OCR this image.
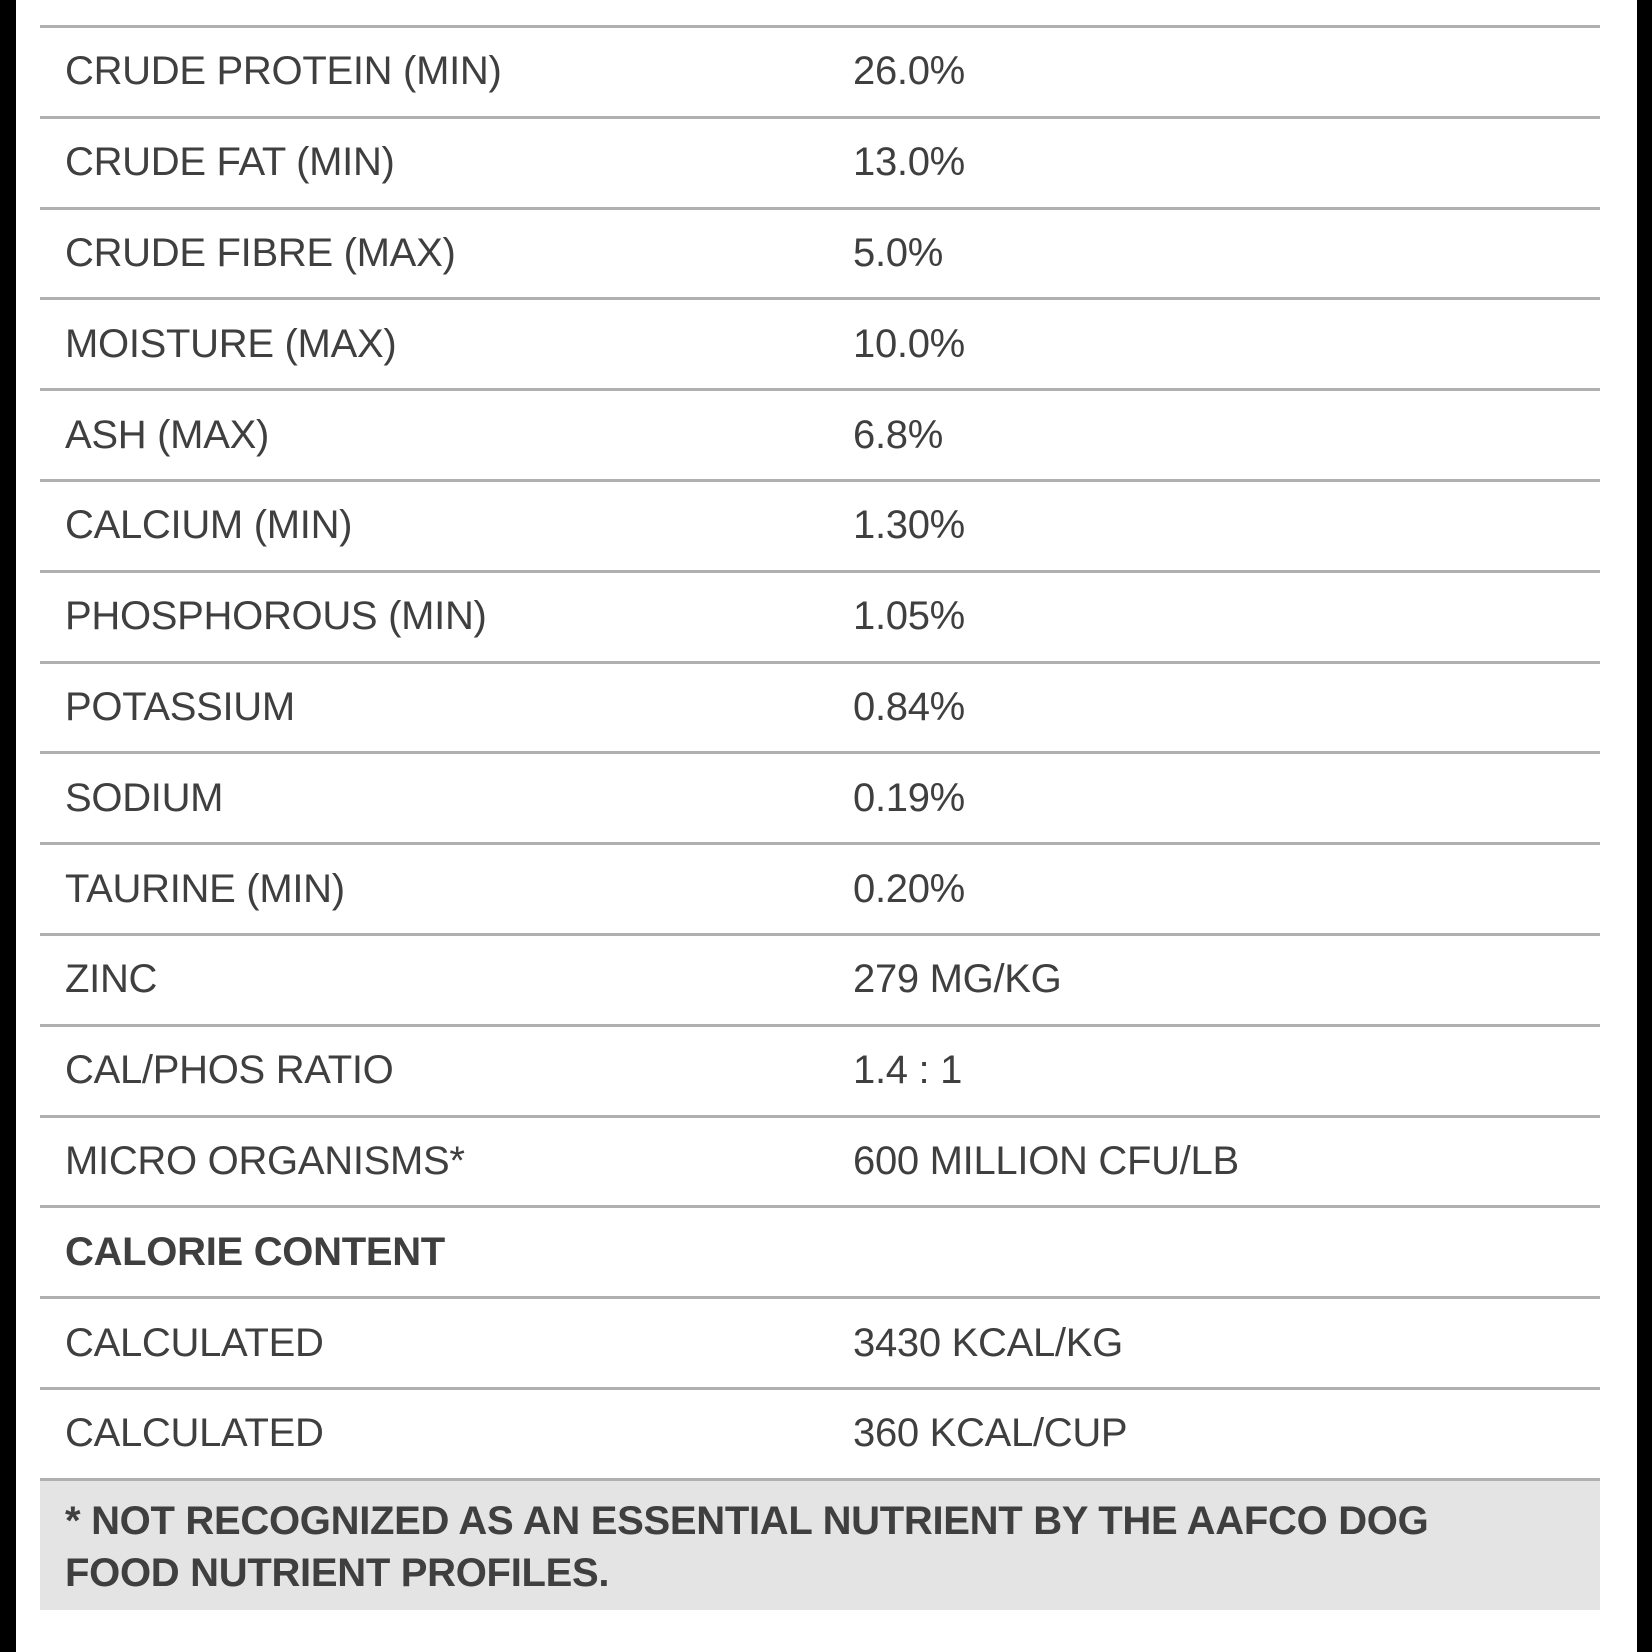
CRUDE PROTEIN (MIN)	26.0%
CRUDE FAT (MIN)	13.0%
CRUDE FIBRE (MAX)	5.0%
MOISTURE (MAX)	10.0%
ASH (MAX)	6.8%
CALCIUM (MIN)	1.30%
PHOSPHOROUS (MIN)	1.05%
POTASSIUM	0.84%
SODIUM	0.19%
TAURINE (MIN)	0.20%
ZINC	279 MG/KG
CAL/PHOS RATIO	1.4 : 1
MICRO ORGANISMS*	600 MILLION CFU/LB
CALORIE CONTENT
CALCULATED	3430 KCAL/KG
CALCULATED	360 KCAL/CUP
* NOT RECOGNIZED AS AN ESSENTIAL NUTRIENT BY THE AAFCO DOG FOOD NUTRIENT PROFILES.
